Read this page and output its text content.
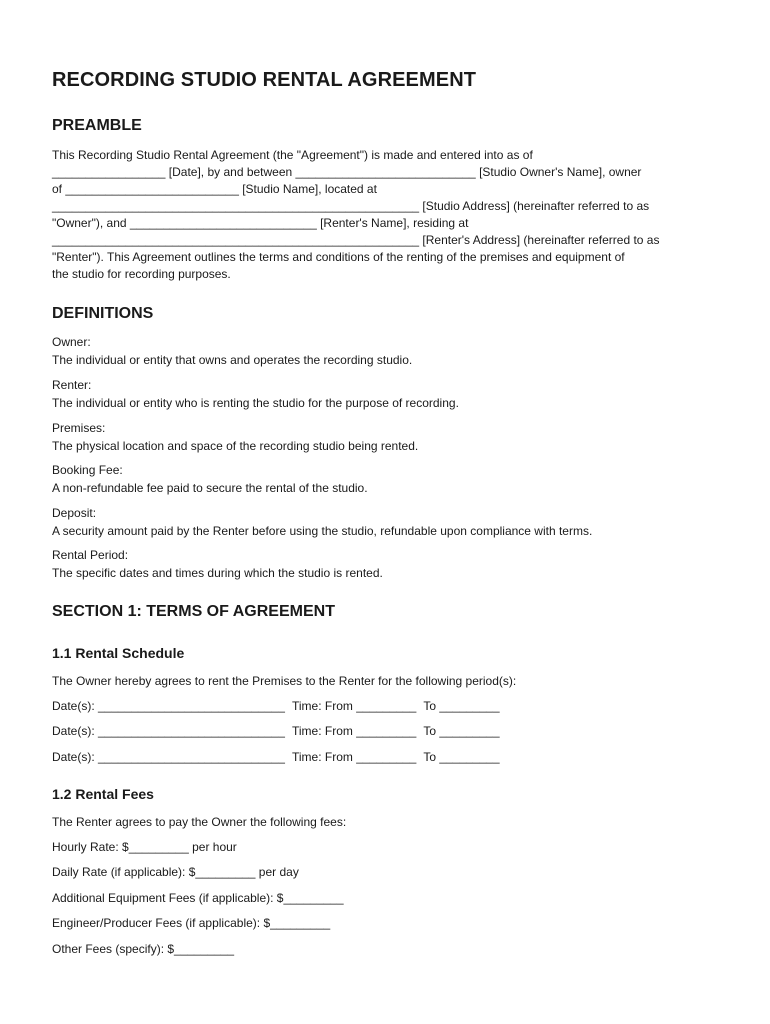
RECORDING STUDIO RENTAL AGREEMENT
PREAMBLE
This Recording Studio Rental Agreement (the "Agreement") is made and entered into as of
_________________ [Date], by and between ___________________________ [Studio Owner's Name], owner
of __________________________ [Studio Name], located at
_______________________________________________________ [Studio Address] (hereinafter referred to as
"Owner"), and ____________________________ [Renter's Name], residing at
_______________________________________________________ [Renter's Address] (hereinafter referred to as
"Renter"). This Agreement outlines the terms and conditions of the renting of the premises and equipment of
the studio for recording purposes.
DEFINITIONS
Owner:
The individual or entity that owns and operates the recording studio.
Renter:
The individual or entity who is renting the studio for the purpose of recording.
Premises:
The physical location and space of the recording studio being rented.
Booking Fee:
A non-refundable fee paid to secure the rental of the studio.
Deposit:
A security amount paid by the Renter before using the studio, refundable upon compliance with terms.
Rental Period:
The specific dates and times during which the studio is rented.
SECTION 1: TERMS OF AGREEMENT
1.1 Rental Schedule
The Owner hereby agrees to rent the Premises to the Renter for the following period(s):
Date(s): ____________________________ Time: From _________ To _________
Date(s): ____________________________ Time: From _________ To _________
Date(s): ____________________________ Time: From _________ To _________
1.2 Rental Fees
The Renter agrees to pay the Owner the following fees:
Hourly Rate: $_________ per hour
Daily Rate (if applicable): $_________ per day
Additional Equipment Fees (if applicable): $_________
Engineer/Producer Fees (if applicable): $_________
Other Fees (specify): $_________
